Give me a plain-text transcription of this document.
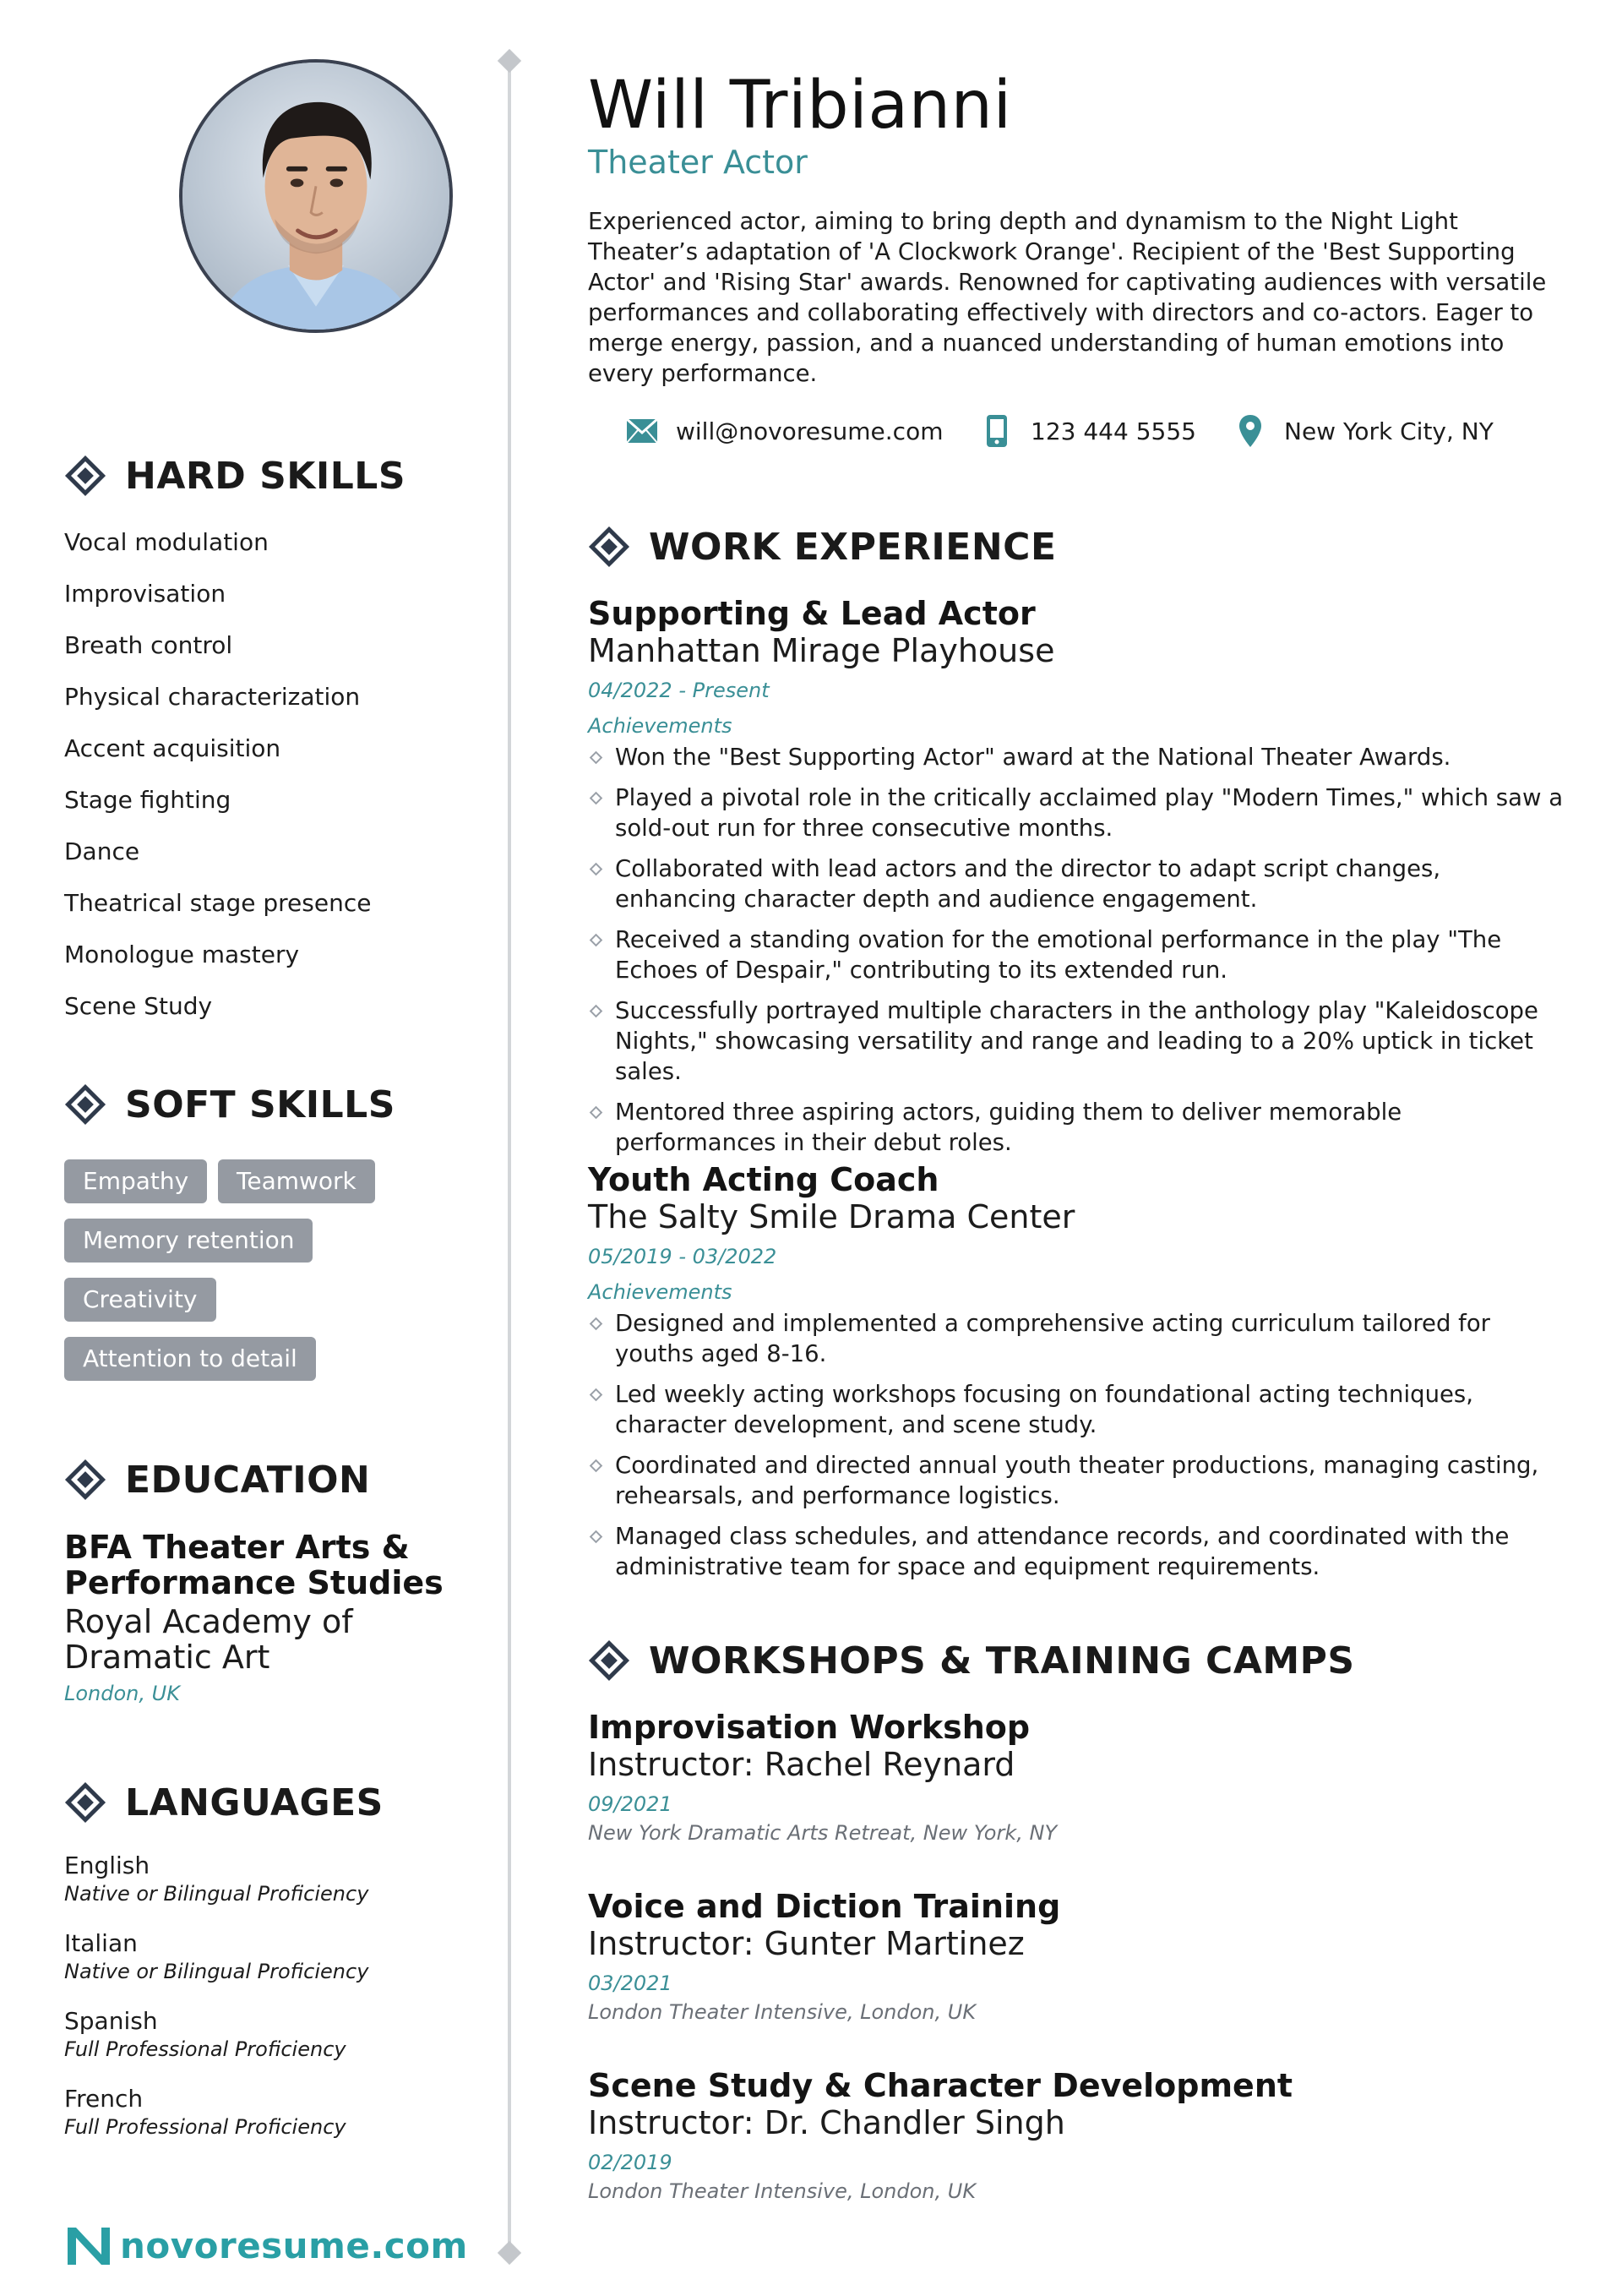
HARD SKILLS
Vocal modulation
Improvisation
Breath control
Physical characterization
Accent acquisition
Stage fighting
Dance
Theatrical stage presence
Monologue mastery
Scene Study
SOFT SKILLS
Empathy	Teamwork
Memory retention
Creativity
Attention to detail
EDUCATION
BFA Theater Arts & Performance Studies
Royal Academy of Dramatic Art
London, UK
LANGUAGES
English
Native or Bilingual Proficiency
Italian
Native or Bilingual Proficiency
Spanish
Full Professional Proficiency
French
Full Professional Proficiency
novoresume.com
Will Tribianni
Theater Actor

Experienced actor, aiming to bring depth and dynamism to the Night Light Theater’s adaptation of 'A Clockwork Orange'. Recipient of the 'Best Supporting Actor' and 'Rising Star' awards. Renowned for captivating audiences with versatile performances and collaborating effectively with directors and co-actors. Eager to merge energy, passion, and a nuanced understanding of human emotions into every performance.

will@novoresume.com	123 444 5555	New York City, NY
WORK EXPERIENCE
Supporting & Lead Actor
Manhattan Mirage Playhouse
04/2022 - Present
Achievements
Won the "Best Supporting Actor" award at the National Theater Awards.
Played a pivotal role in the critically acclaimed play "Modern Times," which saw a sold-out run for three consecutive months.
Collaborated with lead actors and the director to adapt script changes, enhancing character depth and audience engagement.
Received a standing ovation for the emotional performance in the play "The Echoes of Despair," contributing to its extended run.
Successfully portrayed multiple characters in the anthology play "Kaleidoscope Nights," showcasing versatility and range and leading to a 20% uptick in ticket sales.
Mentored three aspiring actors, guiding them to deliver memorable performances in their debut roles.
Youth Acting Coach
The Salty Smile Drama Center
05/2019 - 03/2022
Achievements
Designed and implemented a comprehensive acting curriculum tailored for youths aged 8-16.
Led weekly acting workshops focusing on foundational acting techniques, character development, and scene study.
Coordinated and directed annual youth theater productions, managing casting, rehearsals, and performance logistics.
Managed class schedules, and attendance records, and coordinated with the administrative team for space and equipment requirements.
WORKSHOPS & TRAINING CAMPS
Improvisation Workshop
Instructor: Rachel Reynard
09/2021
New York Dramatic Arts Retreat, New York, NY
Voice and Diction Training
Instructor: Gunter Martinez
03/2021
London Theater Intensive, London, UK
Scene Study & Character Development
Instructor: Dr. Chandler Singh
02/2019
London Theater Intensive, London, UK
